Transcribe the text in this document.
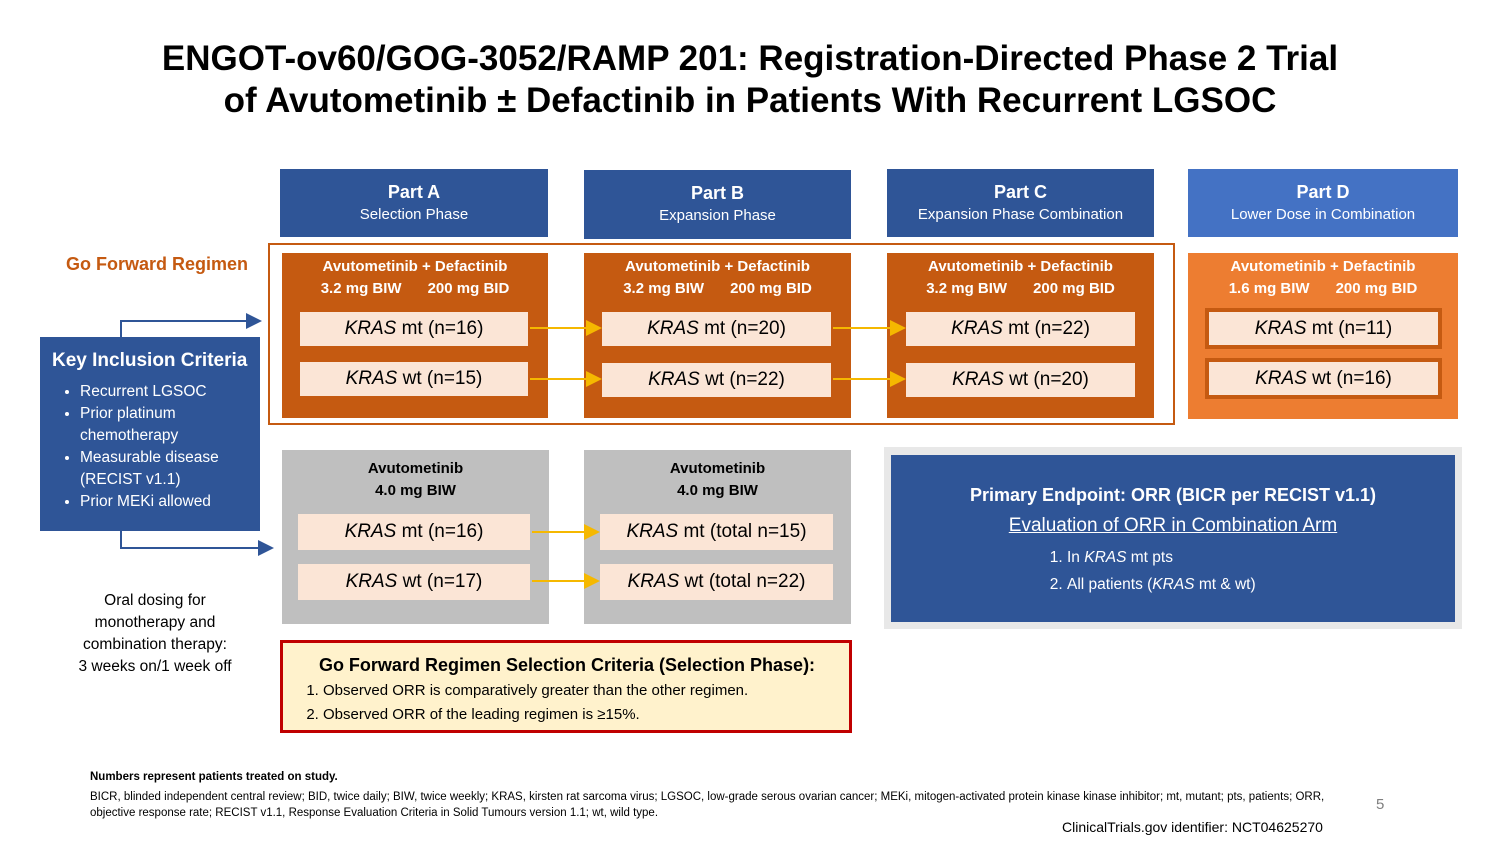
ENGOT-ov60/GOG-3052/RAMP 201: Registration-Directed Phase 2 Trial
of Avutometinib ± Defactinib in Patients With Recurrent LGSOC
Part A
Selection Phase
Part B
Expansion Phase
Part C
Expansion Phase Combination
Part D
Lower Dose in Combination
Go Forward Regimen	Avutometinib + Defactinib
3.2 mg BIW 200 mg BID
KRAS mt (n=16)
KRAS wt (n=15)
Avutometinib + Defactinib
3.2 mg BIW 200 mg BID
KRAS mt (n=20)
KRAS wt (n=22)
Avutometinib + Defactinib
3.2 mg BIW 200 mg BID
KRAS mt (n=22)
KRAS wt (n=20)
Avutometinib + Defactinib
1.6 mg BIW 200 mg BID
KRAS mt (n=11)
KRAS wt (n=16)
Avutometinib
4.0 mg BIW
KRAS mt (n=16)
KRAS wt (n=17)
Avutometinib
4.0 mg BIW
KRAS mt (total n=15)
KRAS wt (total n=22)
Key Inclusion Criteria
• Recurrent LGSOC
• Prior platinum chemotherapy
• Measurable disease (RECIST v1.1)
• Prior MEKi allowed
Oral dosing for
monotherapy and
combination therapy:
3 weeks on/1 week off	Go Forward Regimen Selection Criteria (Selection Phase):
1. Observed ORR is comparatively greater than the other regimen.
2. Observed ORR of the leading regimen is ≥15%.
Primary Endpoint: ORR (BICR per RECIST v1.1)
Evaluation of ORR in Combination Arm
1. In KRAS mt pts
2. All patients (KRAS mt & wt)
Numbers represent patients treated on study.
BICR, blinded independent central review; BID, twice daily; BIW, twice weekly; KRAS, kirsten rat sarcoma virus; LGSOC, low-grade serous ovarian cancer; MEKi, mitogen-activated protein kinase kinase inhibitor; mt, mutant; pts, patients; ORR, objective response rate; RECIST v1.1, Response Evaluation Criteria in Solid Tumours version 1.1; wt, wild type.	5
ClinicalTrials.gov identifier: NCT04625270
